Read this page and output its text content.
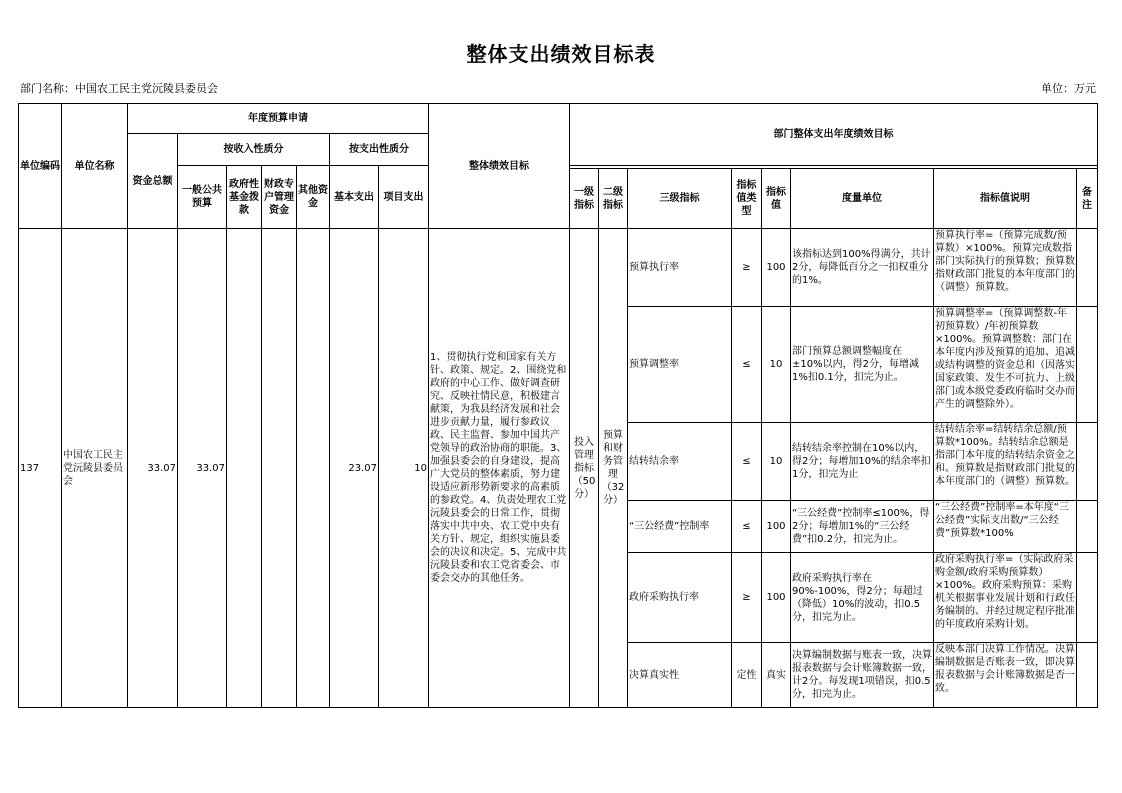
整体支出绩效目标表
部门名称：中国农工民主党沅陵县委员会	单位：万元
单位编码	单位名称	年度预算申请							整体绩效目标	部门整体支出年度绩效目标							
		资金总额	按收入性质分				按支出性质分										
			一般公共预算	政府性基金拨款	财政专户管理资金	其他资金	基本支出	项目支出									
										一级指标	二级指标	三级指标	指标值类型	指标值	度量单位	指标值说明	备注
137	中国农工民主党沅陵县委员会	33.07	33.07				23.07	10	1、贯彻执行党和国家有关方针、政策、规定。2、围绕党和政府的中心工作、做好调查研究、反映社情民意，积极建言献策，为我县经济发展和社会进步贡献力量，履行参政议政、民主监督、参加中国共产党领导的政治协商的职能。3、加强县委会的自身建设，提高广大党员的整体素质，努力建设适应新形势新要求的高素质的参政党。4、负责处理农工党沅陵县委会的日常工作，贯彻落实中共中央、农工党中央有关方针、规定，组织实施县委会的决议和决定。5、完成中共沅陵县委和农工党省委会、市委会交办的其他任务。	投入管理指标（50分）	预算和财务管理（32分）	预算执行率	≥	100	该指标达到100%得满分，共计2分，每降低百分之一扣权重分的1%。	预算执行率=（预算完成数/预算数）×100%。预算完成数指部门实际执行的预算数；预算数指财政部门批复的本年度部门的（调整）预算数。	

												预算调整率	≤	10	部门预算总额调整幅度在±10%以内，得2分，每增减1%扣0.1分，扣完为止。	预算调整率=（预算调整数-年初预算数）/年初预算数×100%。预算调整数：部门在本年度内涉及预算的追加、追减或结构调整的资金总和（因落实国家政策、发生不可抗力、上级部门或本级党委政府临时交办而产生的调整除外）。	

												结转结余率	≤	10	结转结余率控制在10%以内，得2分；每增加10%的结余率扣1分，扣完为止	结转结余率=结转结余总额/预算数*100%。结转结余总额是指部门本年度的结转结余资金之和。预算数是指财政部门批复的本年度部门的（调整）预算数。	

												“三公经费”控制率	≤	100	“三公经费”控制率≤100%，得2分；每增加1%的“三公经费”扣0.2分，扣完为止。	“三公经费”控制率=本年度“三公经费”实际支出数/“三公经费”预算数*100%	

												政府采购执行率	≥	100	政府采购执行率在90%-100%，得2分；每超过（降低）10%的波动，扣0.5分，扣完为止。	政府采购执行率=（实际政府采购金额/政府采购预算数）×100%。政府采购预算：采购机关根据事业发展计划和行政任务编制的、并经过规定程序批准的年度政府采购计划。	

												决算真实性	定性	真实	决算编制数据与账表一致，决算报表数据与会计账簿数据一致，计2分。每发现1项错误，扣0.5分，扣完为止。	反映本部门决算工作情况。决算编制数据是否账表一致，即决算报表数据与会计账簿数据是否一致。	
